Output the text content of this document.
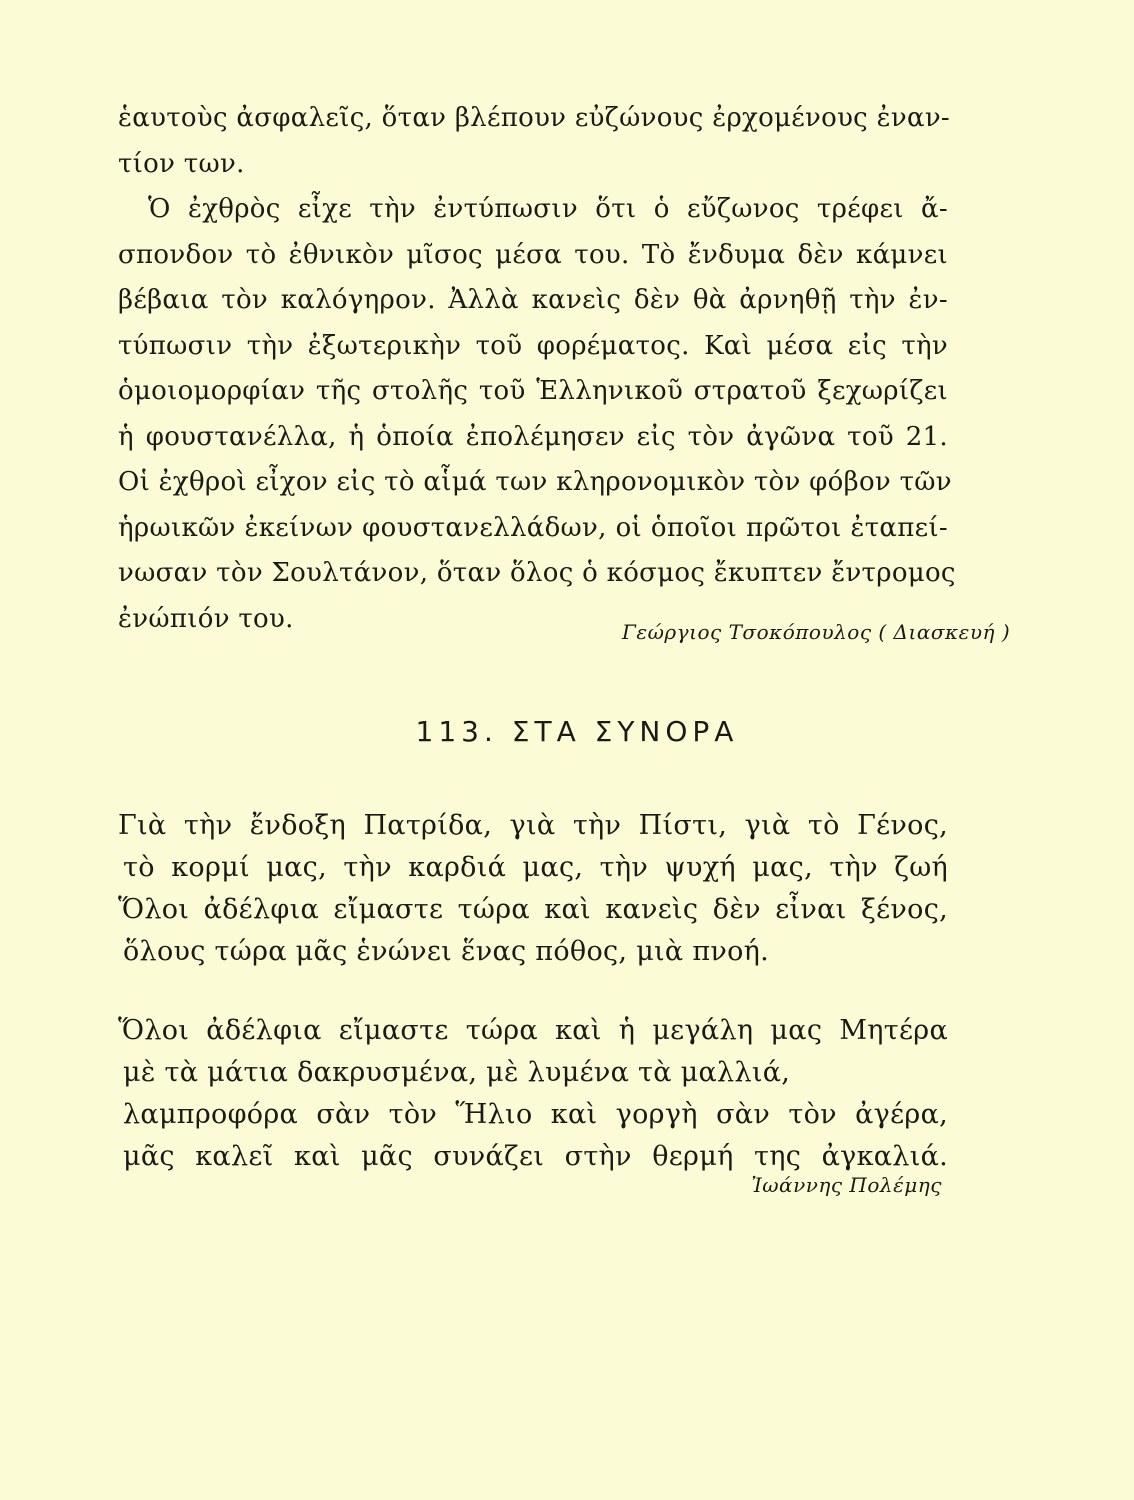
ἑαυτοὺς ἀσφαλεῖς, ὅταν βλέπουν εὐζώνους ἐρχομένους ἐναν-
τίον των.
Ὁ ἐχθρὸς εἶχε τὴν ἐντύπωσιν ὅτι ὁ εὔζωνος τρέφει ἄ-
σπονδον τὸ ἐθνικὸν μῖσος μέσα του. Τὸ ἔνδυμα δὲν κάμνει
βέβαια τὸν καλόγηρον. Ἀλλὰ κανεὶς δὲν θὰ ἀρνηθῇ τὴν ἐν-
τύπωσιν τὴν ἐξωτερικὴν τοῦ φορέματος. Καὶ μέσα εἰς τὴν
ὁμοιομορφίαν τῆς στολῆς τοῦ Ἑλληνικοῦ στρατοῦ ξεχωρίζει
ἡ φουστανέλλα, ἡ ὁποία ἐπολέμησεν εἰς τὸν ἀγῶνα τοῦ 21.
Οἱ ἐχθροὶ εἶχον εἰς τὸ αἷμά των κληρονομικὸν τὸν φόβον τῶν
ἡρωικῶν ἐκείνων φουστανελλάδων, οἱ ὁποῖοι πρῶτοι ἐταπεί-
νωσαν τὸν Σουλτάνον, ὅταν ὅλος ὁ κόσμος ἔκυπτεν ἔντρομος
ἐνώπιόν του.	Γεώργιος Τσοκόπουλος ( Διασκευή )
113. ΣΤΑ ΣΥΝΟΡΑ
Γιὰ τὴν ἔνδοξη Πατρίδα, γιὰ τὴν Πίστι, γιὰ τὸ Γένος,
τὸ κορμί μας, τὴν καρδιά μας, τὴν ψυχή μας, τὴν ζωή
Ὅλοι ἀδέλφια εἴμαστε τώρα καὶ κανεὶς δὲν εἶναι ξένος,
ὅλους τώρα μᾶς ἑνώνει ἕνας πόθος, μιὰ πνοή.
Ὅλοι ἀδέλφια εἴμαστε τώρα καὶ ἡ μεγάλη μας Μητέρα
μὲ τὰ μάτια δακρυσμένα, μὲ λυμένα τὰ μαλλιά,
λαμπροφόρα σὰν τὸν Ἥλιο καὶ γοργὴ σὰν τὸν ἀγέρα,
μᾶς καλεῖ καὶ μᾶς συνάζει στὴν θερμή της ἀγκαλιά.
Ἰωάννης Πολέμης
